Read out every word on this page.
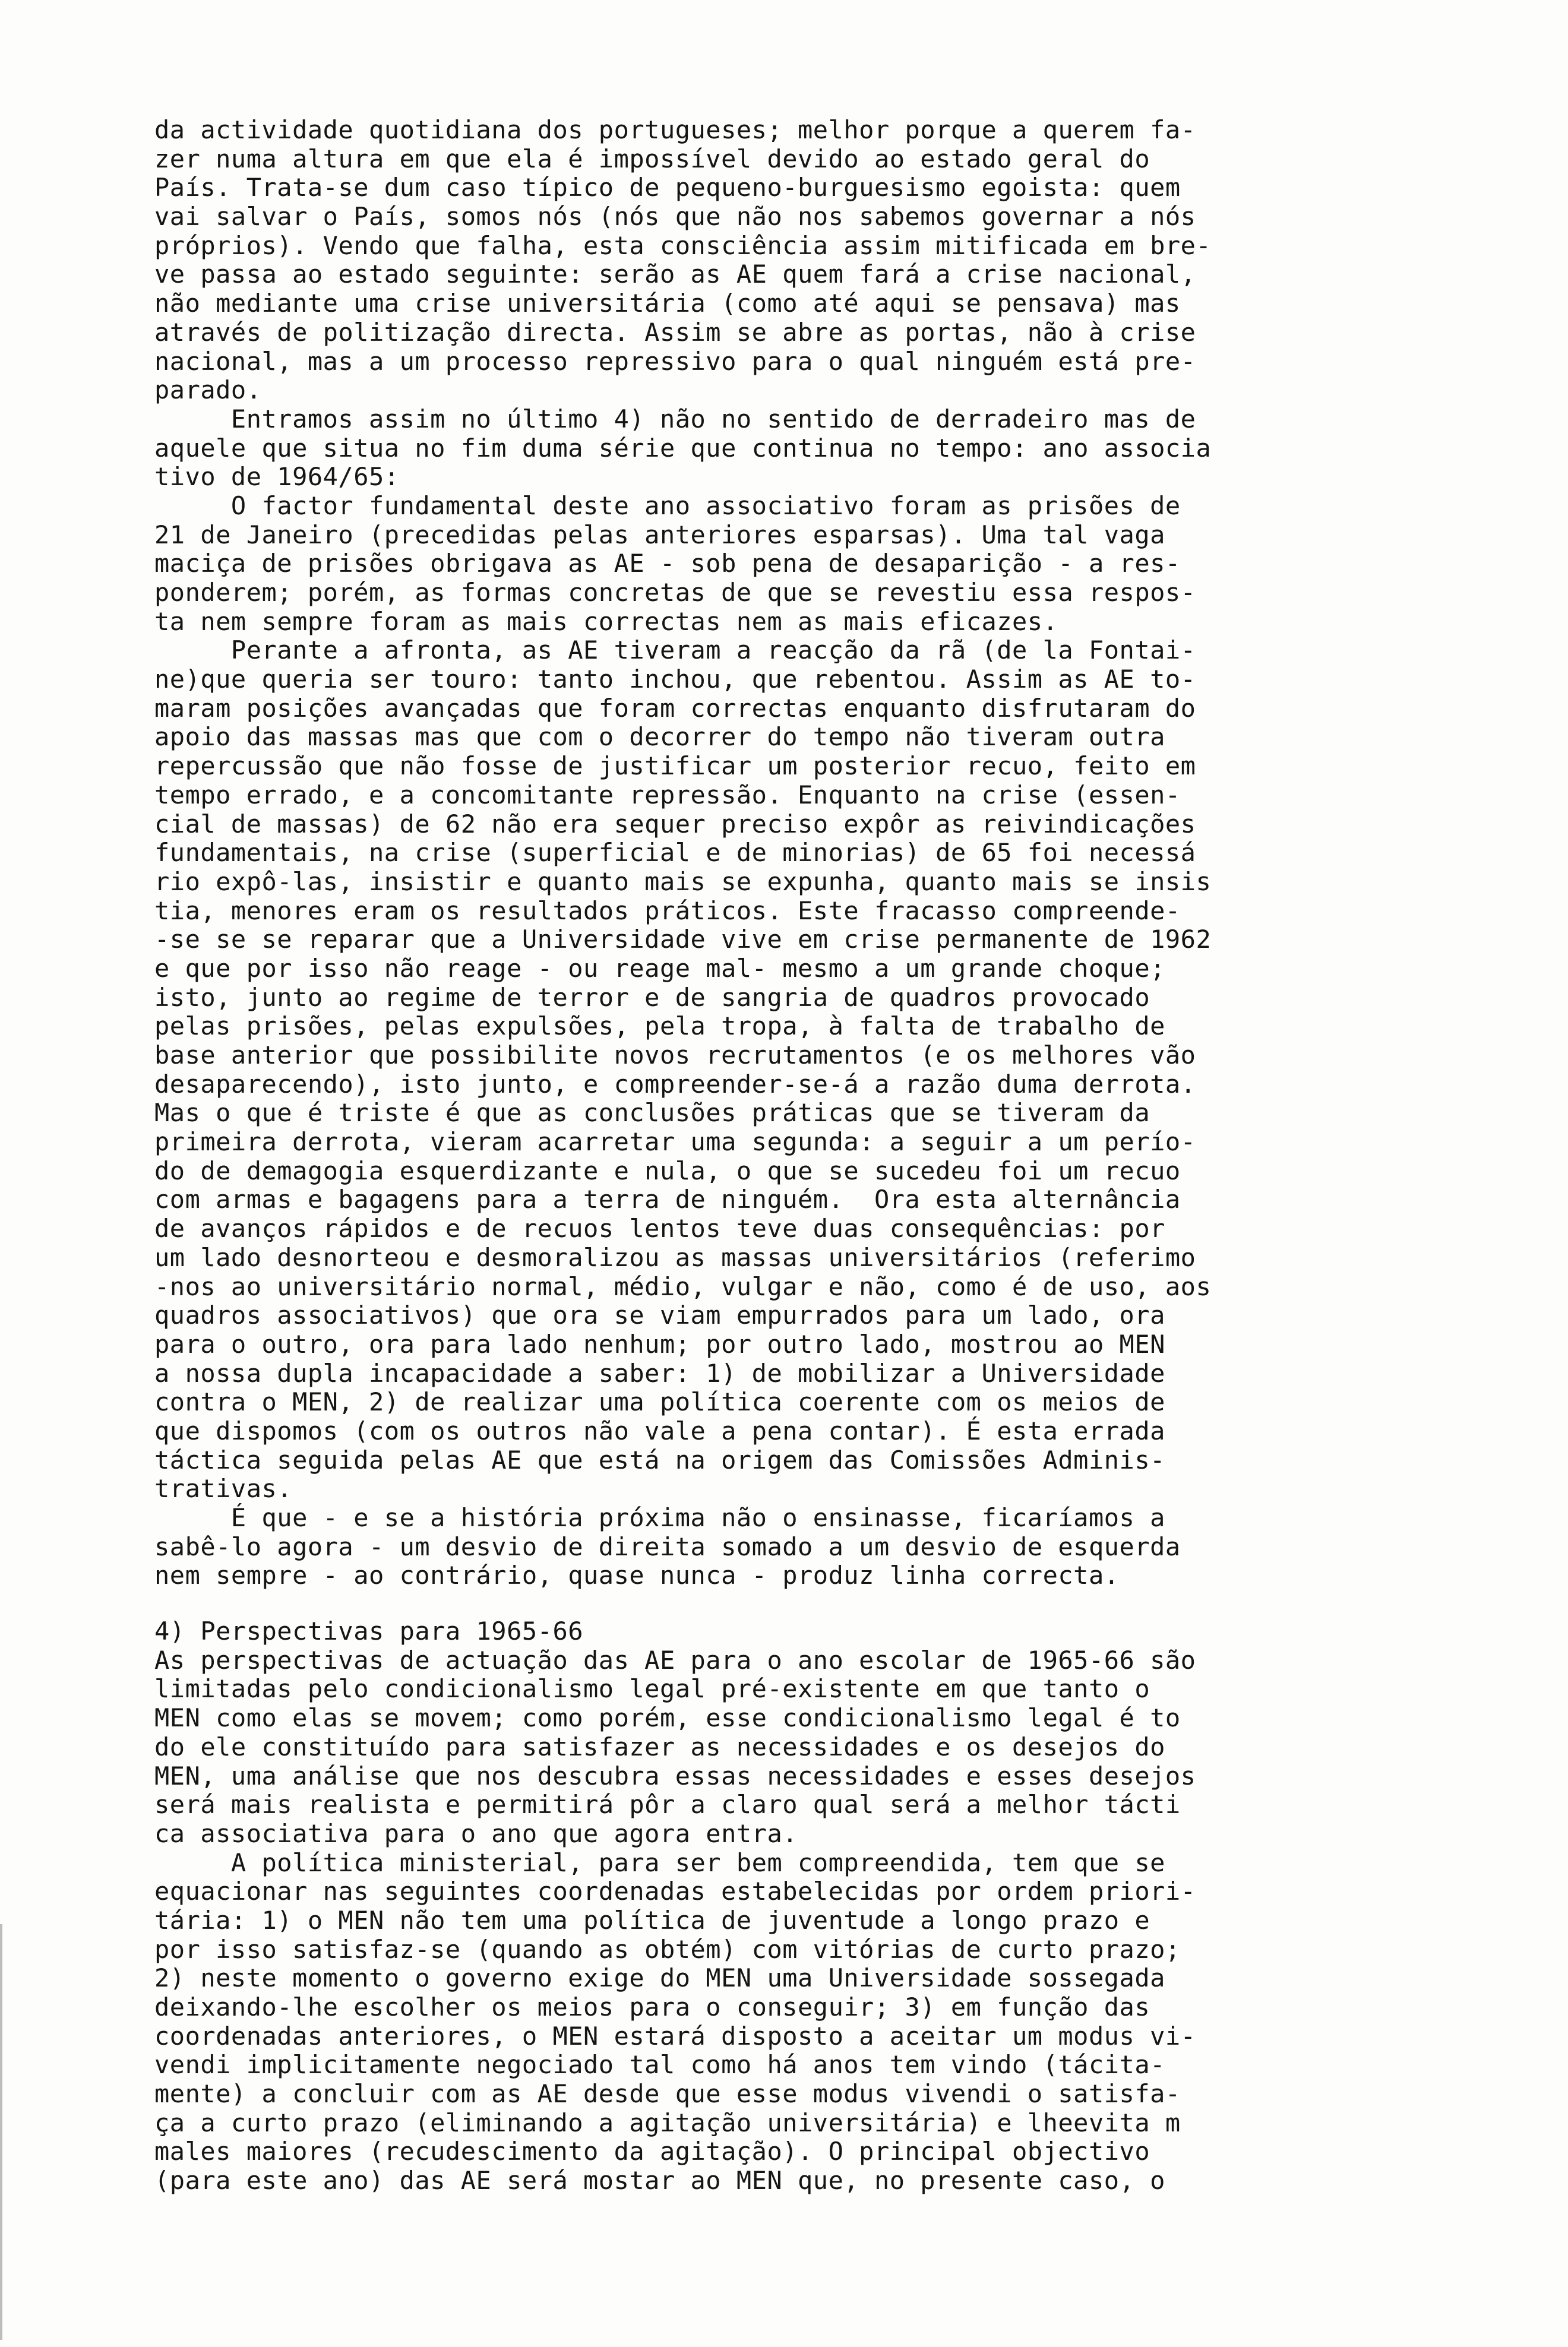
da actividade quotidiana dos portugueses; melhor porque a querem fa-
zer numa altura em que ela é impossível devido ao estado geral do
País. Trata-se dum caso típico de pequeno-burguesismo egoista: quem
vai salvar o País, somos nós (nós que não nos sabemos governar a nós
próprios). Vendo que falha, esta consciência assim mitificada em bre-
ve passa ao estado seguinte: serão as AE quem fará a crise nacional,
não mediante uma crise universitária (como até aqui se pensava) mas
através de politização directa. Assim se abre as portas, não à crise
nacional, mas a um processo repressivo para o qual ninguém está pre-
parado.
Entramos assim no último 4) não no sentido de derradeiro mas de
aquele que situa no fim duma série que continua no tempo: ano associa
tivo de 1964/65:
O factor fundamental deste ano associativo foram as prisões de
21 de Janeiro (precedidas pelas anteriores esparsas). Uma tal vaga
maciça de prisões obrigava as AE - sob pena de desaparição - a res-
ponderem; porém, as formas concretas de que se revestiu essa respos-
ta nem sempre foram as mais correctas nem as mais eficazes.
Perante a afronta, as AE tiveram a reacção da rã (de la Fontai-
ne)que queria ser touro: tanto inchou, que rebentou. Assim as AE to-
maram posições avançadas que foram correctas enquanto disfrutaram do
apoio das massas mas que com o decorrer do tempo não tiveram outra
repercussão que não fosse de justificar um posterior recuo, feito em
tempo errado, e a concomitante repressão. Enquanto na crise (essen-
cial de massas) de 62 não era sequer preciso expôr as reivindicações
fundamentais, na crise (superficial e de minorias) de 65 foi necessá
rio expô-las, insistir e quanto mais se expunha, quanto mais se insis
tia, menores eram os resultados práticos. Este fracasso compreende-
-se se se reparar que a Universidade vive em crise permanente de 1962
e que por isso não reage - ou reage mal- mesmo a um grande choque;
isto, junto ao regime de terror e de sangria de quadros provocado
pelas prisões, pelas expulsões, pela tropa, à falta de trabalho de
base anterior que possibilite novos recrutamentos (e os melhores vão
desaparecendo), isto junto, e compreender-se-á a razão duma derrota.
Mas o que é triste é que as conclusões práticas que se tiveram da
primeira derrota, vieram acarretar uma segunda: a seguir a um perío-
do de demagogia esquerdizante e nula, o que se sucedeu foi um recuo
com armas e bagagens para a terra de ninguém.  Ora esta alternância
de avanços rápidos e de recuos lentos teve duas consequências: por
um lado desnorteou e desmoralizou as massas universitários (referimo
-nos ao universitário normal, médio, vulgar e não, como é de uso, aos
quadros associativos) que ora se viam empurrados para um lado, ora
para o outro, ora para lado nenhum; por outro lado, mostrou ao MEN
a nossa dupla incapacidade a saber: 1) de mobilizar a Universidade
contra o MEN, 2) de realizar uma política coerente com os meios de
que dispomos (com os outros não vale a pena contar). É esta errada
táctica seguida pelas AE que está na origem das Comissões Adminis-
trativas.
É que - e se a história próxima não o ensinasse, ficaríamos a
sabê-lo agora - um desvio de direita somado a um desvio de esquerda
nem sempre - ao contrário, quase nunca - produz linha correcta.
4) Perspectivas para 1965-66
As perspectivas de actuação das AE para o ano escolar de 1965-66 são
limitadas pelo condicionalismo legal pré-existente em que tanto o
MEN como elas se movem; como porém, esse condicionalismo legal é to
do ele constituído para satisfazer as necessidades e os desejos do
MEN, uma análise que nos descubra essas necessidades e esses desejos
será mais realista e permitirá pôr a claro qual será a melhor tácti
ca associativa para o ano que agora entra.
A política ministerial, para ser bem compreendida, tem que se
equacionar nas seguintes coordenadas estabelecidas por ordem priori-
tária: 1) o MEN não tem uma política de juventude a longo prazo e
por isso satisfaz-se (quando as obtém) com vitórias de curto prazo;
2) neste momento o governo exige do MEN uma Universidade sossegada
deixando-lhe escolher os meios para o conseguir; 3) em função das
coordenadas anteriores, o MEN estará disposto a aceitar um modus vi-
vendi implicitamente negociado tal como há anos tem vindo (tácita-
mente) a concluir com as AE desde que esse modus vivendi o satisfa-
ça a curto prazo (eliminando a agitação universitária) e lheevita m
males maiores (recudescimento da agitação). O principal objectivo
(para este ano) das AE será mostar ao MEN que, no presente caso, o
